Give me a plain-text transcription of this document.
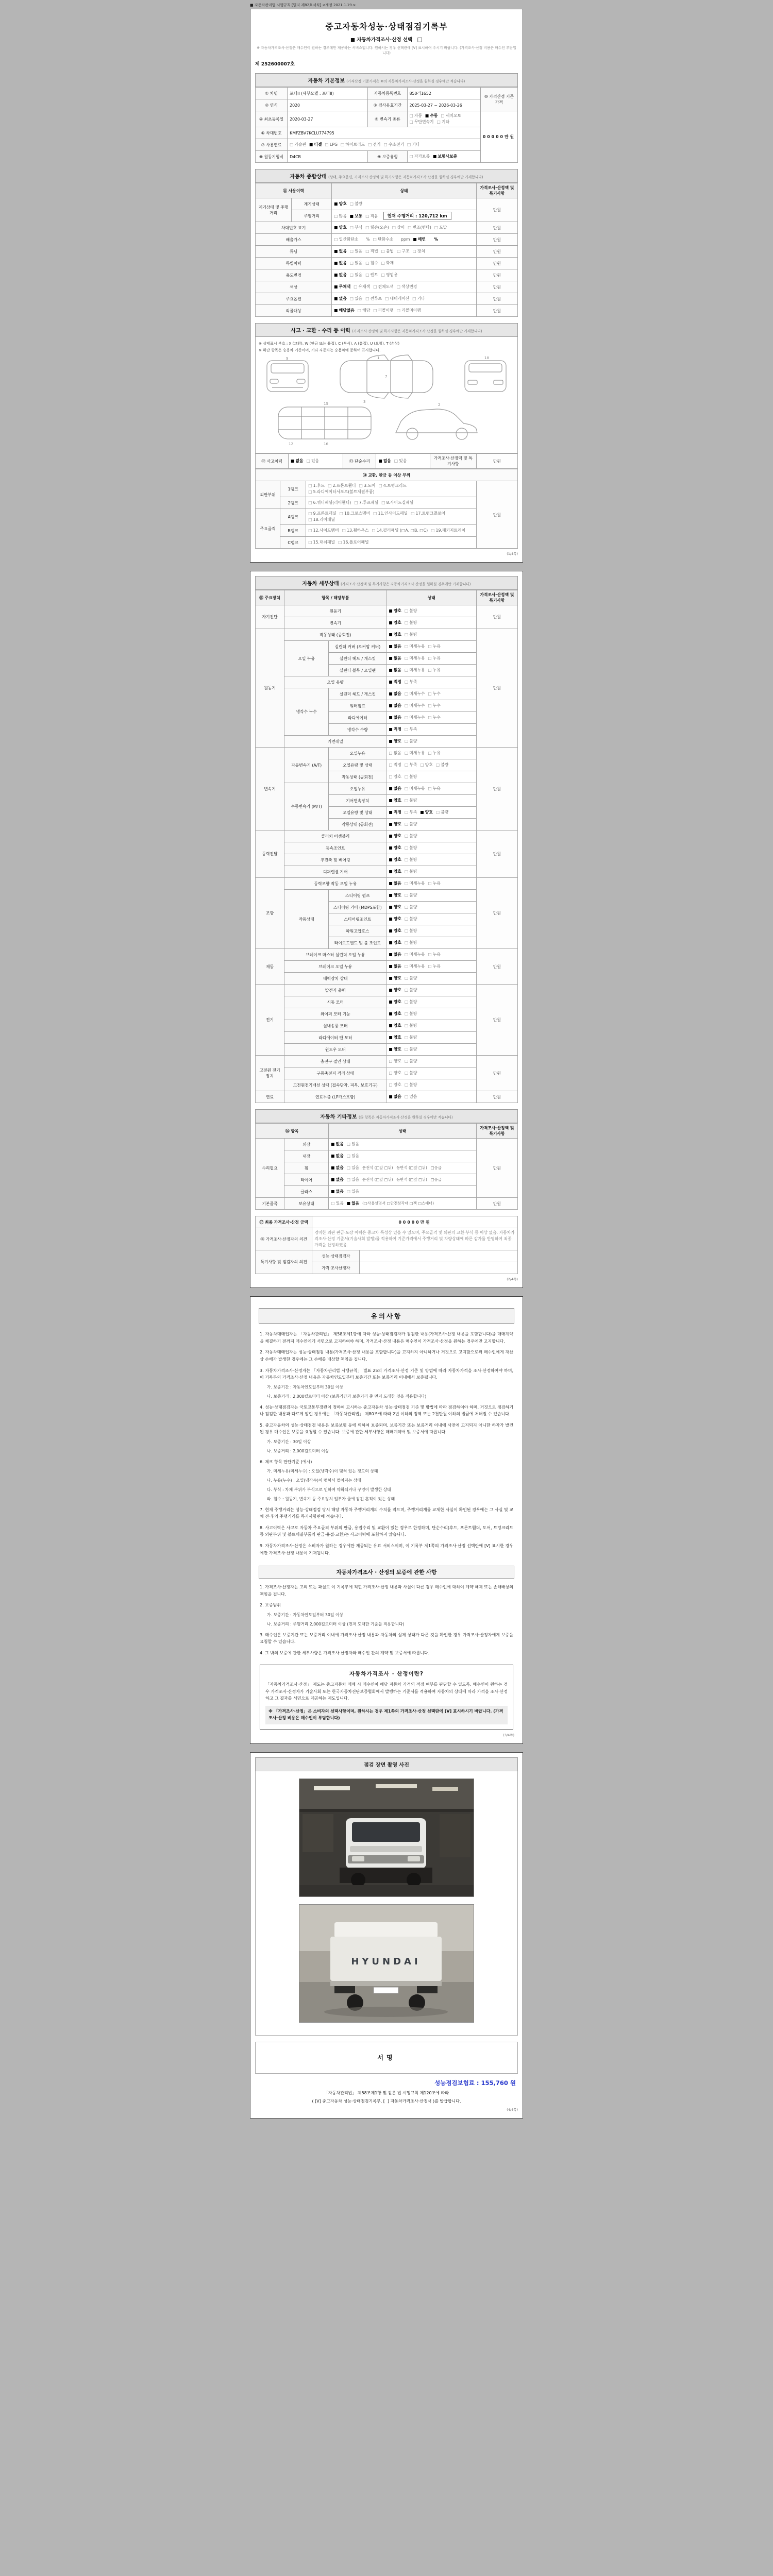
■ 자동차관리법 시행규칙 [별지 제82호서식] <개정 2021.1.19.>
중고자동차성능·상태점검기록부
■ 자동차가격조사·산정 선택 □
※ 자동차가격조사·산정은 매수인이 원하는 경우에만 제공하는 서비스입니다. 원하시는 경우 선택란에 [V] 표시하여 주시기 바랍니다. (가격조사·산정 비용은 매수인 부담입니다)
제 252600007호
자동차 기본정보 (가격산정 기준가격은 ⑩의 자동차가격조사·산정을 원하실 경우에만 적습니다)
① 차명	포터II (세부모델 : 포터II)	자동차등록번호	850러1652	⑩ 가격산정 기준가격
② 연식	2020	③ 검사유효기간	2025-03-27 ~ 2026-03-26	
④ 최초등록일	2020-03-27	⑤ 변속기 종류	□ 자동 ■ 수동 □ 세미오토□ 무단변속기 □ 기타	00000만원
⑥ 차대번호	KMFZBV7KCLU774795			
⑦ 사용연료	□ 가솔린 ■ 디젤 □ LPG □ 하이브리드 □ 전기 □ 수소전기 □ 기타			
⑧ 원동기형식	D4CB	⑨ 보증유형	□ 자가보증 ■ 보험사보증	
자동차 종합상태 (상태, 주요옵션, 가격조사·산정액 및 특기사항은 자동차가격조사·산정을 원하실 경우에만 기재합니다)
⑪ 사용이력		상태	가격조사·산정액 및 특기사항
계기상태 및 주행거리	계기상태	■ 양호 □ 불량	만원
	주행거리	□ 많음 ■ 보통 □ 적음 현재 주행거리 : 120,712 km	
차대번호 표기		■ 양호 □ 부식 □ 훼손(오손) □ 상이 □ 변조(변타) □ 도말	만원
배출가스		□ 일산화탄소      % □ 탄화수소      ppm ■ 매연      %	만원
튜닝		■ 없음 □ 있음 □ 적법 □ 불법 □ 구조 □ 장치	만원
특별이력		■ 없음 □ 있음 □ 침수 □ 화재	만원
용도변경		■ 없음 □ 있음 □ 렌트 □ 영업용	만원
색상		■ 무채색 □ 유채색 □ 전체도색 □ 색상변경	만원
주요옵션		■ 없음 □ 있음 □ 썬루프 □ 네비게이션 □ 기타	만원
리콜대상		■ 해당없음 □ 해당 □ 리콜이행 □ 리콜미이행	만원
사고 · 교환 · 수리 등 이력 (가격조사·산정액 및 특기사항은 자동차가격조사·산정을 원하실 경우에만 기재합니다)
※ 상태표시 부호 : X (교환), W (판금 또는 용접), C (부식), A (흠집), U (요철), T (손상)
※ 하단 항목은 승용차 기준이며, 기타 자동차는 승용차에 준하여 표시합니다.
9	1
7
3
15
16
12
18
2
⑫ 사고이력	■ 없음 □ 있음	⑬ 단순수리	■ 없음 □ 있음	가격조사·산정액 및 특기사항	만원
⑭ 교환, 판금 등 이상 부위			
외판부위	1랭크	□ 1.후드 □ 2.프론트휀더 □ 3.도어 □ 4.트렁크리드□ 5.라디에이터서포트(볼트체결부품)	만원
	2랭크	□ 6.쿼터패널(리어휀더) □ 7.루프패널 □ 8.사이드실패널	
주요골격	A랭크	□ 9.프론트패널 □ 10.크로스멤버 □ 11.인사이드패널 □ 17.트렁크플로어□ 18.리어패널	
	B랭크	□ 12.사이드멤버 □ 13.휠하우스 □ 14.필러패널 (□A, □B, □C) □ 19.패키지트레이	
	C랭크	□ 15.대쉬패널 □ 16.플로어패널	
(1/4쪽)
자동차 세부상태 (가격조사·산정액 및 특기사항은 자동차가격조사·산정을 원하실 경우에만 기재합니다)
⑮ 주요장치	항목 / 해당부품		상태	가격조사·산정액 및 특기사항
자기진단	원동기		■ 양호 □ 불량	만원
	변속기		■ 양호 □ 불량	
원동기	작동상태 (공회전)		■ 양호 □ 불량	만원
	오일 누유	실린더 커버 (로커암 커버)	■ 없음 □ 미세누유 □ 누유	
		실린더 헤드 / 개스킷	■ 없음 □ 미세누유 □ 누유	
		실린더 블록 / 오일팬	■ 없음 □ 미세누유 □ 누유	
	오일 유량		■ 적정 □ 부족	
	냉각수 누수	실린더 헤드 / 개스킷	■ 없음 □ 미세누수 □ 누수	
		워터펌프	■ 없음 □ 미세누수 □ 누수	
		라디에이터	■ 없음 □ 미세누수 □ 누수	
		냉각수 수량	■ 적정 □ 부족	
	커먼레일		■ 양호 □ 불량	
변속기	자동변속기 (A/T)	오일누유	□ 없음 □ 미세누유 □ 누유	만원
		오일유량 및 상태	□ 적정 □ 부족 □ 양호 □ 불량	
		작동상태 (공회전)	□ 양호 □ 불량	
	수동변속기 (M/T)	오일누유	■ 없음 □ 미세누유 □ 누유	
		기어변속장치	■ 양호 □ 불량	
		오일유량 및 상태	■ 적정 □ 부족 ■ 양호 □ 불량	
		작동상태 (공회전)	■ 양호 □ 불량	
동력전달	클러치 어셈블리		■ 양호 □ 불량	만원
	등속조인트		■ 양호 □ 불량	
	추진축 및 베어링		■ 양호 □ 불량	
	디퍼렌셜 기어		■ 양호 □ 불량	
조향	동력조향 작동 오일 누유		■ 없음 □ 미세누유 □ 누유	만원
	작동상태	스티어링 펌프	■ 양호 □ 불량	
		스티어링 기어 (MDPS포함)	■ 양호 □ 불량	
		스티어링조인트	■ 양호 □ 불량	
		파워고압호스	■ 양호 □ 불량	
		타이로드엔드 및 볼 조인트	■ 양호 □ 불량	
제동	브레이크 마스터 실린더 오일 누유		■ 없음 □ 미세누유 □ 누유	만원
	브레이크 오일 누유		■ 없음 □ 미세누유 □ 누유	
	배력장치 상태		■ 양호 □ 불량	
전기	발전기 출력		■ 양호 □ 불량	만원
	시동 모터		■ 양호 □ 불량	
	와이퍼 모터 기능		■ 양호 □ 불량	
	실내송풍 모터		■ 양호 □ 불량	
	라디에이터 팬 모터		■ 양호 □ 불량	
	윈도우 모터		■ 양호 □ 불량	
고전원 전기장치	충전구 절연 상태		□ 양호 □ 불량	만원
	구동축전지 격리 상태		□ 양호 □ 불량	
	고전원전기배선 상태 (접속단자, 피복, 보호기구)		□ 양호 □ 불량	
연료	연료누출 (LP가스포함)		■ 없음 □ 있음	만원
자동차 기타정보 (⑯ 항목은 자동차가격조사·산정을 원하실 경우에만 적습니다)
⑯ 항목		상태	가격조사·산정액 및 특기사항
수리필요	외장	■ 없음 □ 있음	만원
	내장	■ 없음 □ 있음	
	휠	■ 없음 □ 있음 운전석 (□앞 □뒤)   동반석 (□앞 □뒤)   □응급	
	타이어	■ 없음 □ 있음 운전석 (□앞 □뒤)   동반석 (□앞 □뒤)   □응급	
	글라스	■ 없음 □ 있음	
기본품목	보유상태	□ 있음 ■ 없음 (□사용설명서 □안전삼각대 □잭 □스패너)	만원
⑰ 최종 가격조사·산정 금액	00000만원	
⑱ 가격조사·산정자의 의견	경미한 외판 판금·도장 이력은 중고차 특성상 있을 수 있으며, 주요골격 및 외판의 교환·부식 등 이상 없음. 자동차가격조사·산정 기준서(기술사회 발행)를 적용하여 기준가격에서 주행거리 및 차량상태에 따른 감가를 반영하여 최종 가격을 산정하였음.	
특기사항 및 점검자의 의견	성능·상태점검자	
	가격·조사산정자	
(2/4쪽)
유의사항
1. 자동차매매업자는 「자동차관리법」 제58조제1항에 따라 성능·상태점검자가 점검한 내용(가격조사·산정 내용을 포함합니다)을 매매계약을 체결하기 전까지 매수인에게 서면으로 고지하여야 하며, 가격조사·산정 내용은 매수인이 가격조사·산정을 원하는 경우에만 고지합니다.
2. 자동차매매업자는 성능·상태점검 내용(가격조사·산정 내용을 포함합니다)을 고지하지 아니하거나 거짓으로 고지함으로써 매수인에게 재산상 손해가 발생한 경우에는 그 손해를 배상할 책임을 집니다.
3. 자동차가격조사·산정자는 「자동차관리법 시행규칙」 별표 25의 가격조사·산정 기준 및 방법에 따라 자동차가격을 조사·산정하여야 하며, 이 기록부의 가격조사·산정 내용은 자동차인도일부터 보증기간 또는 보증거리 이내에서 보증됩니다.
가. 보증기간 : 자동차인도일부터 30일 이상
나. 보증거리 : 2,000킬로미터 이상 (보증기간과 보증거리 중 먼저 도래한 것을 적용합니다)
4. 성능·상태점검자는 국토교통부장관이 정하여 고시하는 중고자동차 성능·상태점검 기준 및 방법에 따라 점검하여야 하며, 거짓으로 점검하거나 점검한 내용과 다르게 알린 경우에는 「자동차관리법」 제80조에 따라 2년 이하의 징역 또는 2천만원 이하의 벌금에 처해질 수 있습니다.
5. 중고자동차의 성능·상태점검 내용은 보증보험 등에 의하여 보증되며, 보증기간 또는 보증거리 이내에 사전에 고지되지 아니한 하자가 발견된 경우 매수인은 보증을 요청할 수 있습니다. 보증에 관한 세부사항은 매매계약서 및 보증서에 따릅니다.
가. 보증기간 : 30일 이상
나. 보증거리 : 2,000킬로미터 이상
6. 체크 항목 판단기준 (예시)
가. 미세누유(미세누수) : 오일(냉각수)이 맺혀 있는 정도의 상태
나. 누유(누수) : 오일(냉각수)이 맺혀서 떨어지는 상태
다. 부식 : 차체 부위가 부식으로 인하여 약화되거나 구멍이 발생한 상태
라. 침수 : 원동기, 변속기 등 주요장치 일부가 물에 잠긴 흔적이 있는 상태
7. 현재 주행거리는 성능·상태점검 당시 해당 자동차 주행거리계의 수치를 적으며, 주행거리계를 교체한 사실이 확인된 경우에는 그 사실 및 교체 전·후의 주행거리를 특기사항란에 적습니다.
8. 사고이력은 사고로 자동차 주요골격 부위의 판금, 용접수리 및 교환이 있는 경우로 한정하며, 단순수리(후드, 프론트휀더, 도어, 트렁크리드 등 외판부위 및 볼트체결부품의 판금·용접·교환)는 사고이력에 포함하지 않습니다.
9. 자동차가격조사·산정은 소비자가 원하는 경우에만 제공되는 유료 서비스이며, 이 기록부 제1쪽의 가격조사·산정 선택란에 [V] 표시한 경우에만 가격조사·산정 내용이 기재됩니다.
자동차가격조사 · 산정의 보증에 관한 사항
1. 가격조사·산정자는 고의 또는 과실로 이 기록부에 적힌 가격조사·산정 내용과 사실이 다른 경우 매수인에 대하여 계약 해제 또는 손해배상의 책임을 집니다.
2. 보증범위
가. 보증기간 : 자동차인도일부터 30일 이상
나. 보증거리 : 주행거리 2,000킬로미터 이상 (먼저 도래한 기준을 적용합니다)
3. 매수인은 보증기간 또는 보증거리 이내에 가격조사·산정 내용과 자동차의 실제 상태가 다른 것을 확인한 경우 가격조사·산정자에게 보증을 요청할 수 있습니다.
4. 그 밖의 보증에 관한 세부사항은 가격조사·산정자와 매수인 간의 계약 및 보증서에 따릅니다.
자동차가격조사 · 산정이란?
「자동차가격조사·산정」 제도는 중고자동차 매매 시 매수인이 해당 자동차 가격의 적정 여부를 판단할 수 있도록, 매수인이 원하는 경우 가격조사·산정자가 기술사회 또는 한국자동차진단보증협회에서 발행하는 기준서를 적용하여 자동차의 상태에 따라 가격을 조사·산정하고 그 결과를 서면으로 제공하는 제도입니다.
※ 「가격조사·산정」은 소비자의 선택사항이며, 원하시는 경우 제1쪽의 가격조사·산정 선택란에 [V] 표시하시기 바랍니다. (가격조사·산정 비용은 매수인이 부담합니다)
(3/4쪽)
점검 장면 촬영 사진
HYUNDAI
서명
성능점검보험료 : 155,760 원
「자동차관리법」 제58조제1항 및 같은 법 시행규칙 제120조에 따라
( [V] 중고자동차 성능·상태점검기록부, [  ] 자동차가격조사·산정서 )를 발급합니다.
(4/4쪽)
